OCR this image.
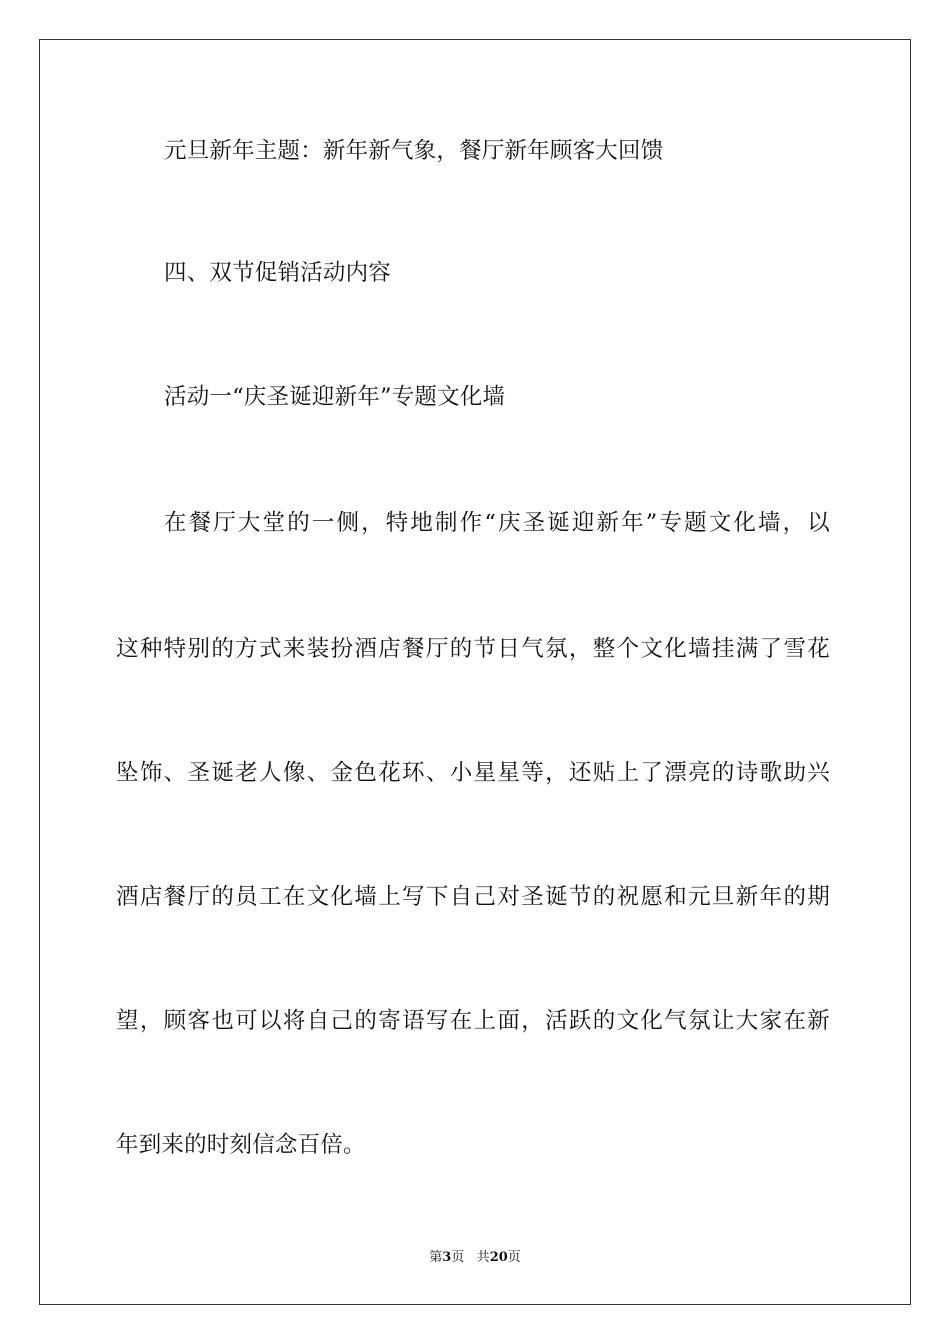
元旦新年主题：新年新气象，餐厅新年顾客大回馈
四、双节促销活动内容
活动一“庆圣诞迎新年”专题文化墙
在餐厅大堂的一侧，特地制作“庆圣诞迎新年”专题文化墙，以
这种特别的方式来装扮酒店餐厅的节日气氛，整个文化墙挂满了雪花
坠饰、圣诞老人像、金色花环、小星星等，还贴上了漂亮的诗歌助兴
酒店餐厅的员工在文化墙上写下自己对圣诞节的祝愿和元旦新年的期
望，顾客也可以将自己的寄语写在上面，活跃的文化气氛让大家在新
年到来的时刻信念百倍。
第3页 共20页
